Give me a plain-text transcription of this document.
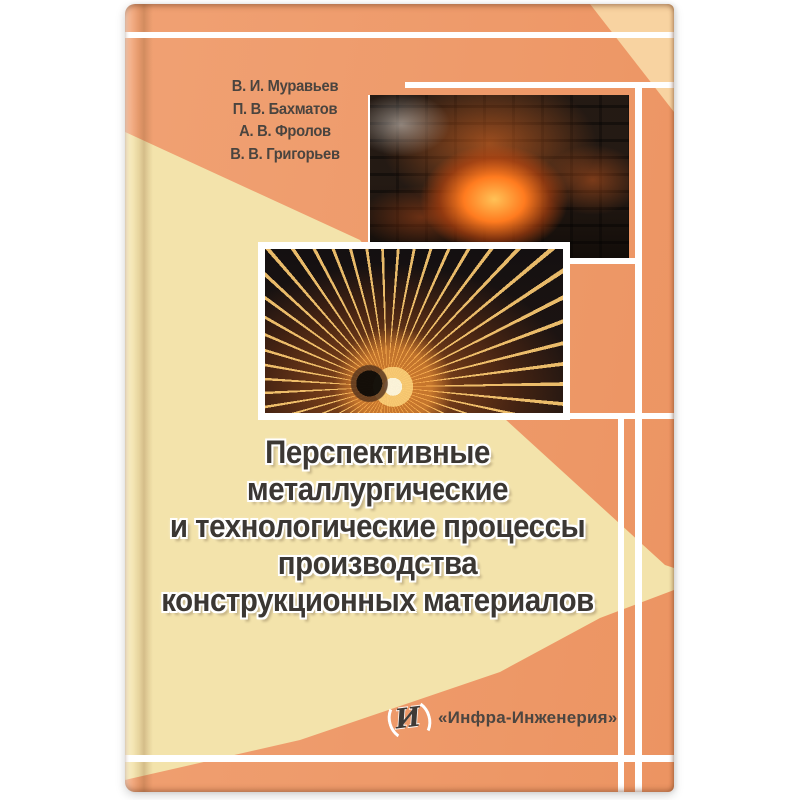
В. И. Муравьев
П. В. Бахматов
А. В. Фролов
В. В. Григорьев
Перспективные
металлургические
и технологические процессы
производства
конструкционных материалов
И «Инфра-Инженерия»
